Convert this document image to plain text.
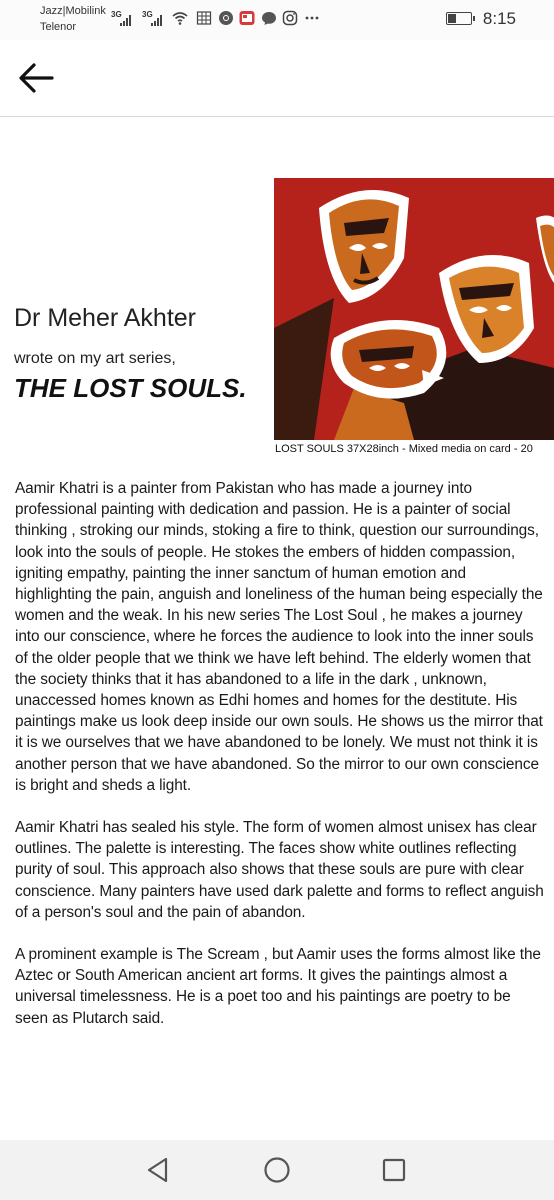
Jazz|Mobilink
Telenor
3G	3G	8:15
Dr Meher Akhter
wrote on my art series,
THE LOST SOULS.
LOST SOULS 37X28inch - Mixed media on card - 20

Aamir Khatri is a painter from Pakistan who has made a journey into professional painting with dedication and passion. He is a painter of social thinking , stroking our minds, stoking a fire to think, question our surroundings, look into the souls of people. He stokes the embers of hidden compassion, igniting empathy, painting the inner sanctum of human emotion and highlighting the pain, anguish and loneliness of the human being especially the women and the weak. In his new series The Lost Soul , he makes a journey into our conscience, where he forces the audience to look into the inner souls of the older people that we think we have left behind. The elderly women that the society thinks that it has abandoned to a life in the dark , unknown, unaccessed homes known as Edhi homes and homes for the destitute. His paintings make us look deep inside our own souls. He shows us the mirror that it is we ourselves that we have abandoned to be lonely. We must not think it is another person that we have abandoned. So the mirror to our own conscience is bright and sheds a light.

Aamir Khatri has sealed his style. The form of women almost unisex has clear outlines. The palette is interesting. The faces show white outlines reflecting purity of soul. This approach also shows that these souls are pure with clear conscience. Many painters have used dark palette and forms to reflect anguish of a person's soul and the pain of abandon.

A prominent example is The Scream , but Aamir uses the forms almost like the Aztec or South American ancient art forms. It gives the paintings almost a universal timelessness. He is a poet too and his paintings are poetry to be seen as Plutarch said.
